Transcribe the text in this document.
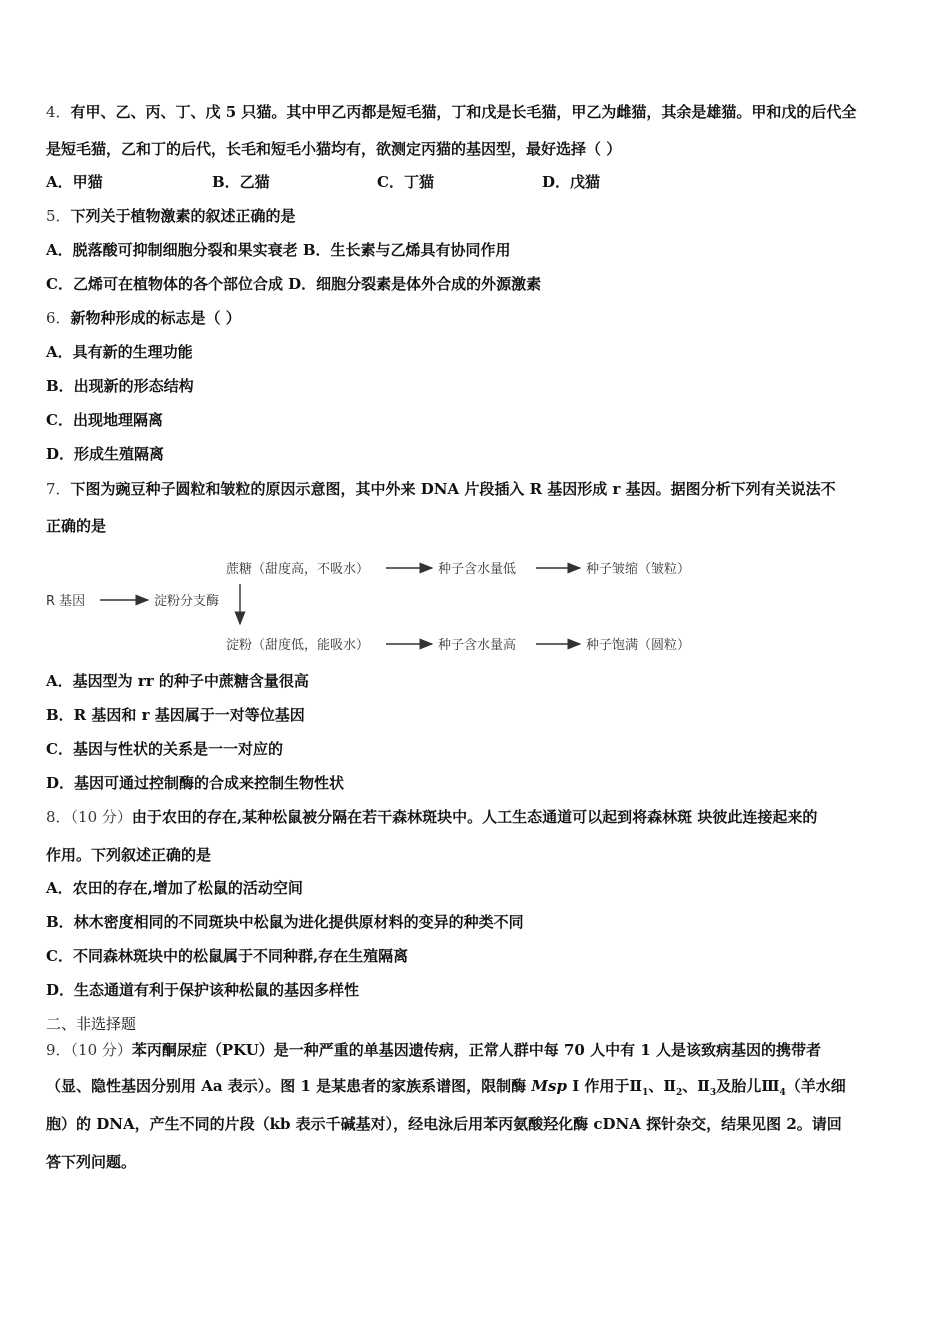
4．有甲、乙、丙、丁、戊 5 只猫。其中甲乙丙都是短毛猫，丁和戊是长毛猫，甲乙为雌猫，其余是雄猫。甲和戊的后代全
是短毛猫，乙和丁的后代，长毛和短毛小猫均有，欲测定丙猫的基因型，最好选择（ ）
A．甲猫	B．乙猫	C．丁猫	D．戊猫
5．下列关于植物激素的叙述正确的是
A．脱落酸可抑制细胞分裂和果实衰老 B．生长素与乙烯具有协同作用
C．乙烯可在植物体的各个部位合成 D．细胞分裂素是体外合成的外源激素
6．新物种形成的标志是（ ）
A．具有新的生理功能
B．出现新的形态结构
C．出现地理隔离
D．形成生殖隔离
7．下图为豌豆种子圆粒和皱粒的原因示意图，其中外来 DNA 片段插入 R 基因形成 r 基因。据图分析下列有关说法不
正确的是
R 基因	淀粉分支酶
蔗糖（甜度高，不吸水）	种子含水量低	种子皱缩（皱粒）
淀粉（甜度低，能吸水）	种子含水量高	种子饱满（圆粒）
A．基因型为 rr 的种子中蔗糖含量很高
B．R 基因和 r 基因属于一对等位基因
C．基因与性状的关系是一一对应的
D．基因可通过控制酶的合成来控制生物性状
8．（10 分）由于农田的存在,某种松鼠被分隔在若干森林斑块中。人工生态通道可以起到将森林斑 块彼此连接起来的
作用。下列叙述正确的是
A．农田的存在,增加了松鼠的活动空间
B．林木密度相同的不同斑块中松鼠为进化提供原材料的变异的种类不同
C．不同森林斑块中的松鼠属于不同种群,存在生殖隔离
D．生态通道有利于保护该种松鼠的基因多样性
二、非选择题
9．（10 分）苯丙酮尿症（PKU）是一种严重的单基因遗传病，正常人群中每 70 人中有 1 人是该致病基因的携带者
（显、隐性基因分别用 Aa 表示）。图 1 是某患者的家族系谱图，限制酶 Msp I 作用于$Ⅱ_1$、$Ⅱ_2$、$Ⅱ_3$及胎儿$Ⅲ_4$（羊水细
胞）的 DNA，产生不同的片段（kb 表示千碱基对），经电泳后用苯丙氨酸羟化酶 cDNA 探针杂交，结果见图 2。请回
答下列问题。
